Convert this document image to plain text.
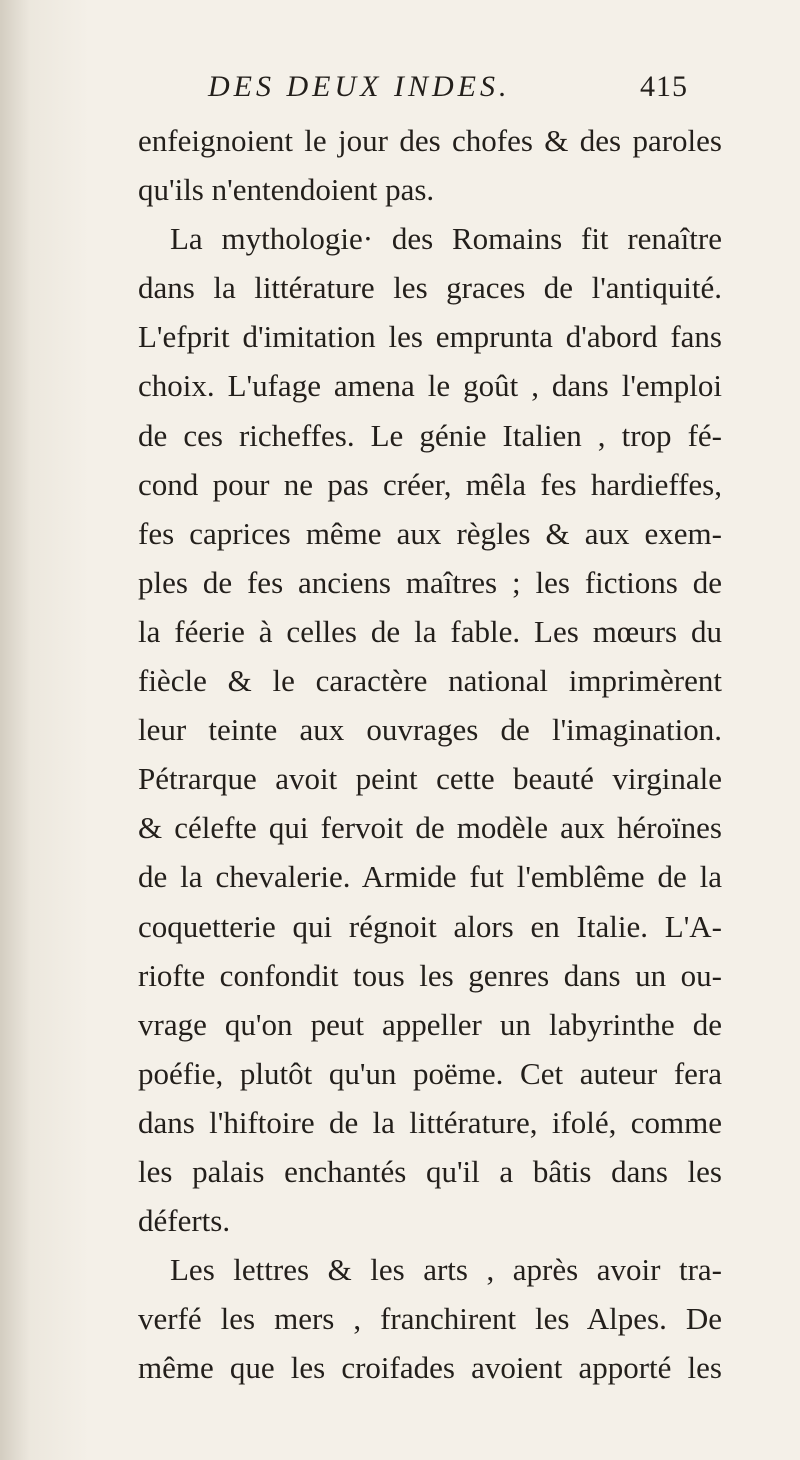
DES DEUX INDES.	415
enfeignoient le jour des chofes & des paroles
qu'ils n'entendoient pas.
La mythologie· des Romains fit renaître
dans la littérature les graces de l'antiquité.
L'efprit d'imitation les emprunta d'abord fans
choix. L'ufage amena le goût , dans l'emploi
de ces richeffes. Le génie Italien , trop fé-
cond pour ne pas créer, mêla fes hardieffes,
fes caprices même aux règles & aux exem-
ples de fes anciens maîtres ; les fictions de
la féerie à celles de la fable. Les mœurs du
fiècle & le caractère national imprimèrent
leur teinte aux ouvrages de l'imagination.
Pétrarque avoit peint cette beauté virginale
& célefte qui fervoit de modèle aux héroïnes
de la chevalerie. Armide fut l'emblême de la
coquetterie qui régnoit alors en Italie. L'A-
riofte confondit tous les genres dans un ou-
vrage qu'on peut appeller un labyrinthe de
poéfie, plutôt qu'un poëme. Cet auteur fera
dans l'hiftoire de la littérature, ifolé, comme
les palais enchantés qu'il a bâtis dans les
déferts.
Les lettres & les arts , après avoir tra-
verfé les mers , franchirent les Alpes. De
même que les croifades avoient apporté les
